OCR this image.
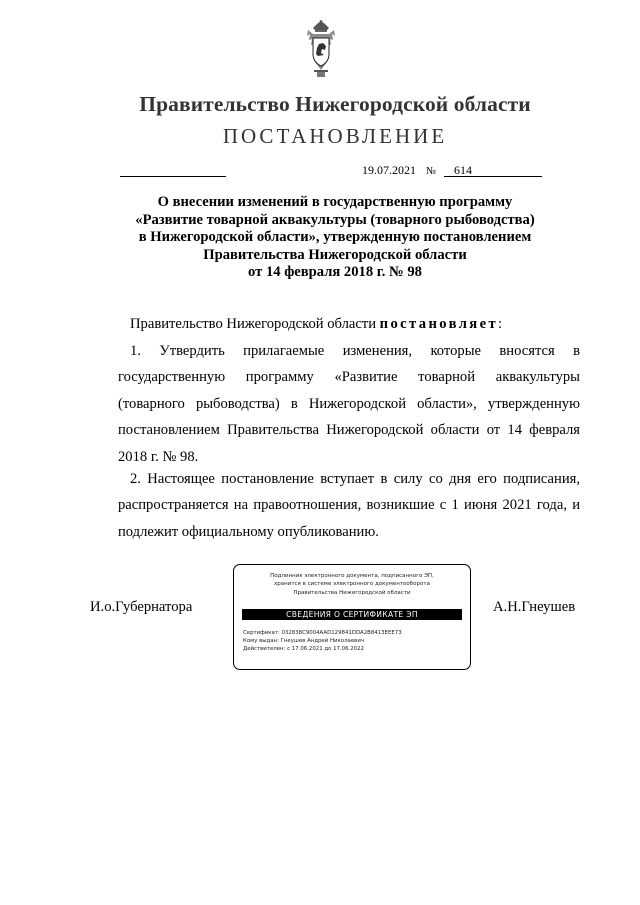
Правительство Нижегородской области
ПОСТАНОВЛЕНИЕ
19.07.2021 № 614
О внесении изменений в государственную программу
«Развитие товарной аквакультуры (товарного рыбоводства)
в Нижегородской области», утвержденную постановлением
Правительства Нижегородской области
от 14 февраля 2018 г. № 98
Правительство Нижегородской области постановляет:
1. Утвердить прилагаемые изменения, которые вносятся в государственную программу «Развитие товарной аквакультуры (товарного рыбоводства) в Нижегородской области», утвержденную постановлением Правительства Нижегородской области от 14 февраля 2018 г. № 98.
2. Настоящее постановление вступает в силу со дня его подписания, распространяется на правоотношения, возникшие с 1 июня 2021 года, и подлежит официальному опубликованию.
И.о.Губернатора
Подлинник электронного документа, подписанного ЭП,
хранится в системе электронного документооборота
Правительства Нижегородской области
СВЕДЕНИЯ О СЕРТИФИКАТЕ ЭП
Сертификат: 032838C9004AAD129841DDA2B8413EEE73
Кому выдан: Гнеушев Андрей Николаевич
Действителен: с 17.06.2021 до 17.06.2022
А.Н.Гнеушев
